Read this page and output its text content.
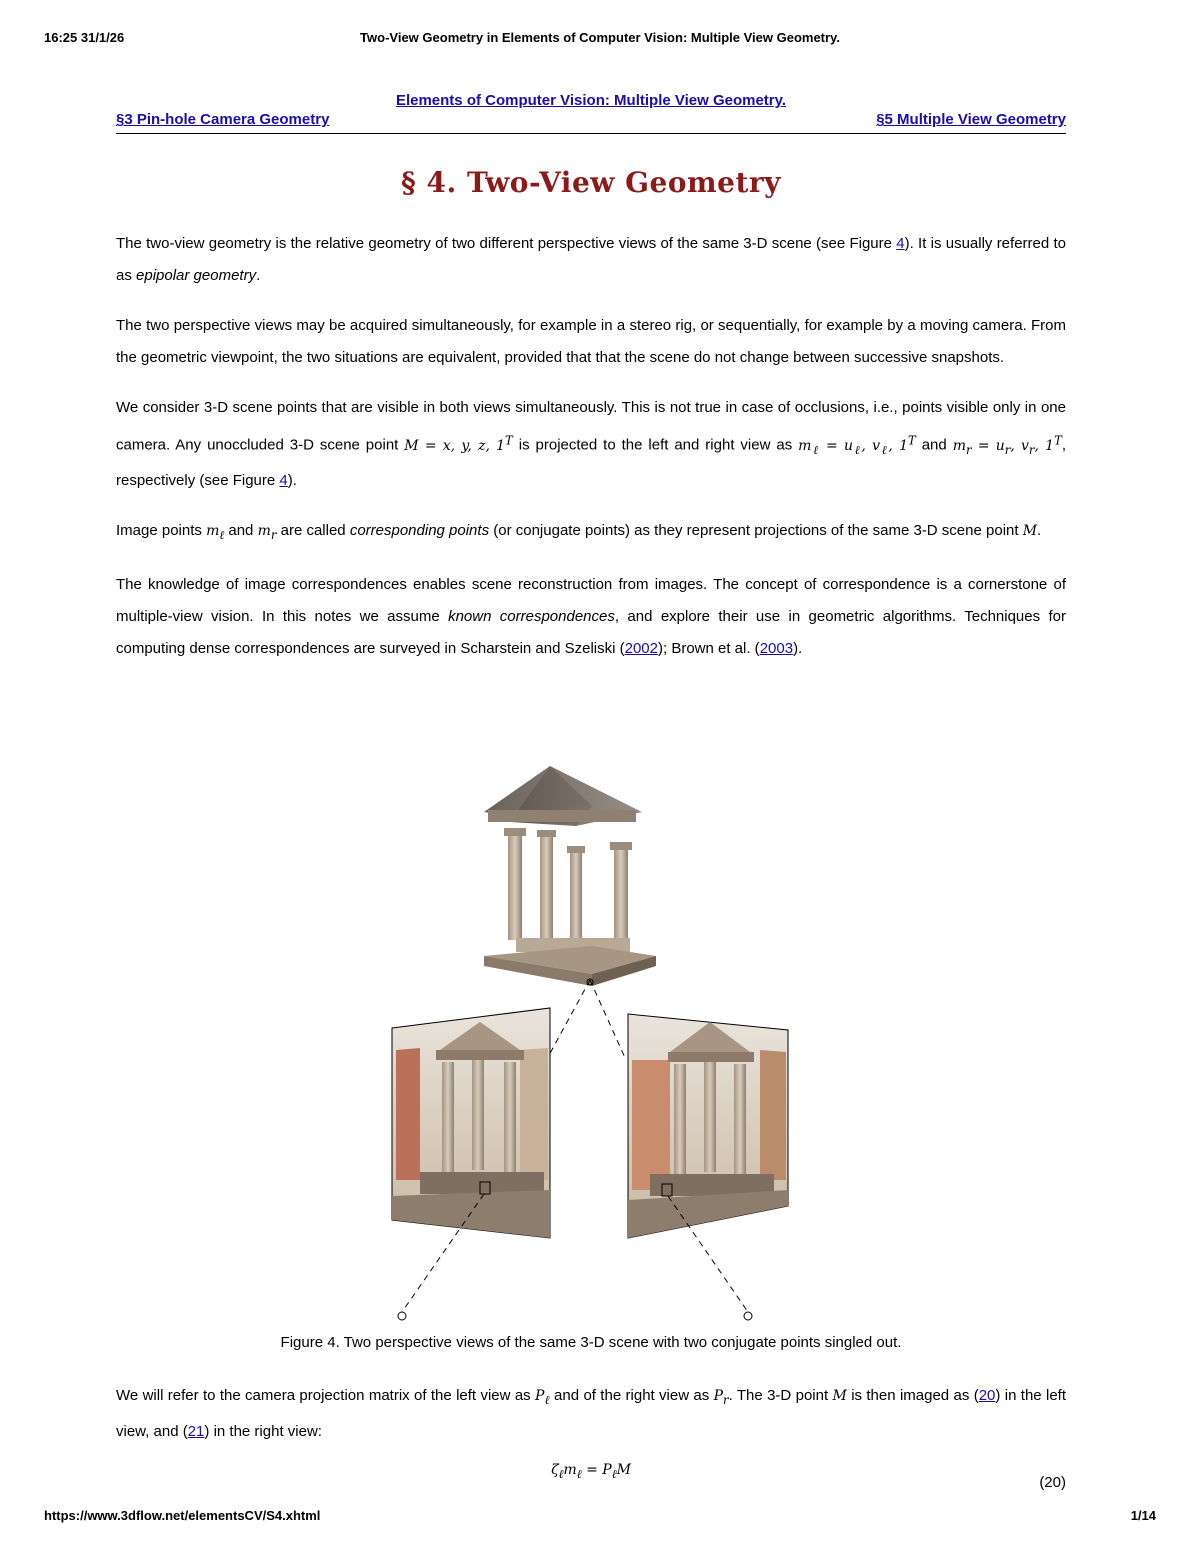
16:25 31/1/26	Two-View Geometry in Elements of Computer Vision: Multiple View Geometry.
Elements of Computer Vision: Multiple View Geometry.
§3 Pin-hole Camera Geometry	§5 Multiple View Geometry
§ 4. Two-View Geometry

The two-view geometry is the relative geometry of two different perspective views of the same 3-D scene (see Figure 4). It is usually referred to as epipolar geometry.

The two perspective views may be acquired simultaneously, for example in a stereo rig, or sequentially, for example by a moving camera. From the geometric viewpoint, the two situations are equivalent, provided that that the scene do not change between successive snapshots.

We consider 3-D scene points that are visible in both views simultaneously. This is not true in case of occlusions, i.e., points visible only in one camera. Any unoccluded 3-D scene point M = x, y, z, $1^T$ is projected to the left and right view as $m_\ell = u_\ell$, $v_\ell$, $1^T$ and $m_r = u_r$, $v_r$, $1^T$, respectively (see Figure 4).

Image points $m_\ell$ and $m_r$ are called corresponding points (or conjugate points) as they represent projections of the same 3-D scene point M.

The knowledge of image correspondences enables scene reconstruction from images. The concept of correspondence is a cornerstone of multiple-view vision. In this notes we assume known correspondences, and explore their use in geometric algorithms. Techniques for computing dense correspondences are surveyed in Scharstein and Szeliski (2002); Brown et al. (2003).

Figure 4. Two perspective views of the same 3-D scene with two conjugate points singled out.

We will refer to the camera projection matrix of the left view as $P_\ell$ and of the right view as $P_r$. The 3-D point M is then imaged as (20) in the left view, and (21) in the right view:

$\zeta_\ell m_\ell = P_\ell M$
(20)
https://www.3dflow.net/elementsCV/S4.xhtml	1/14
